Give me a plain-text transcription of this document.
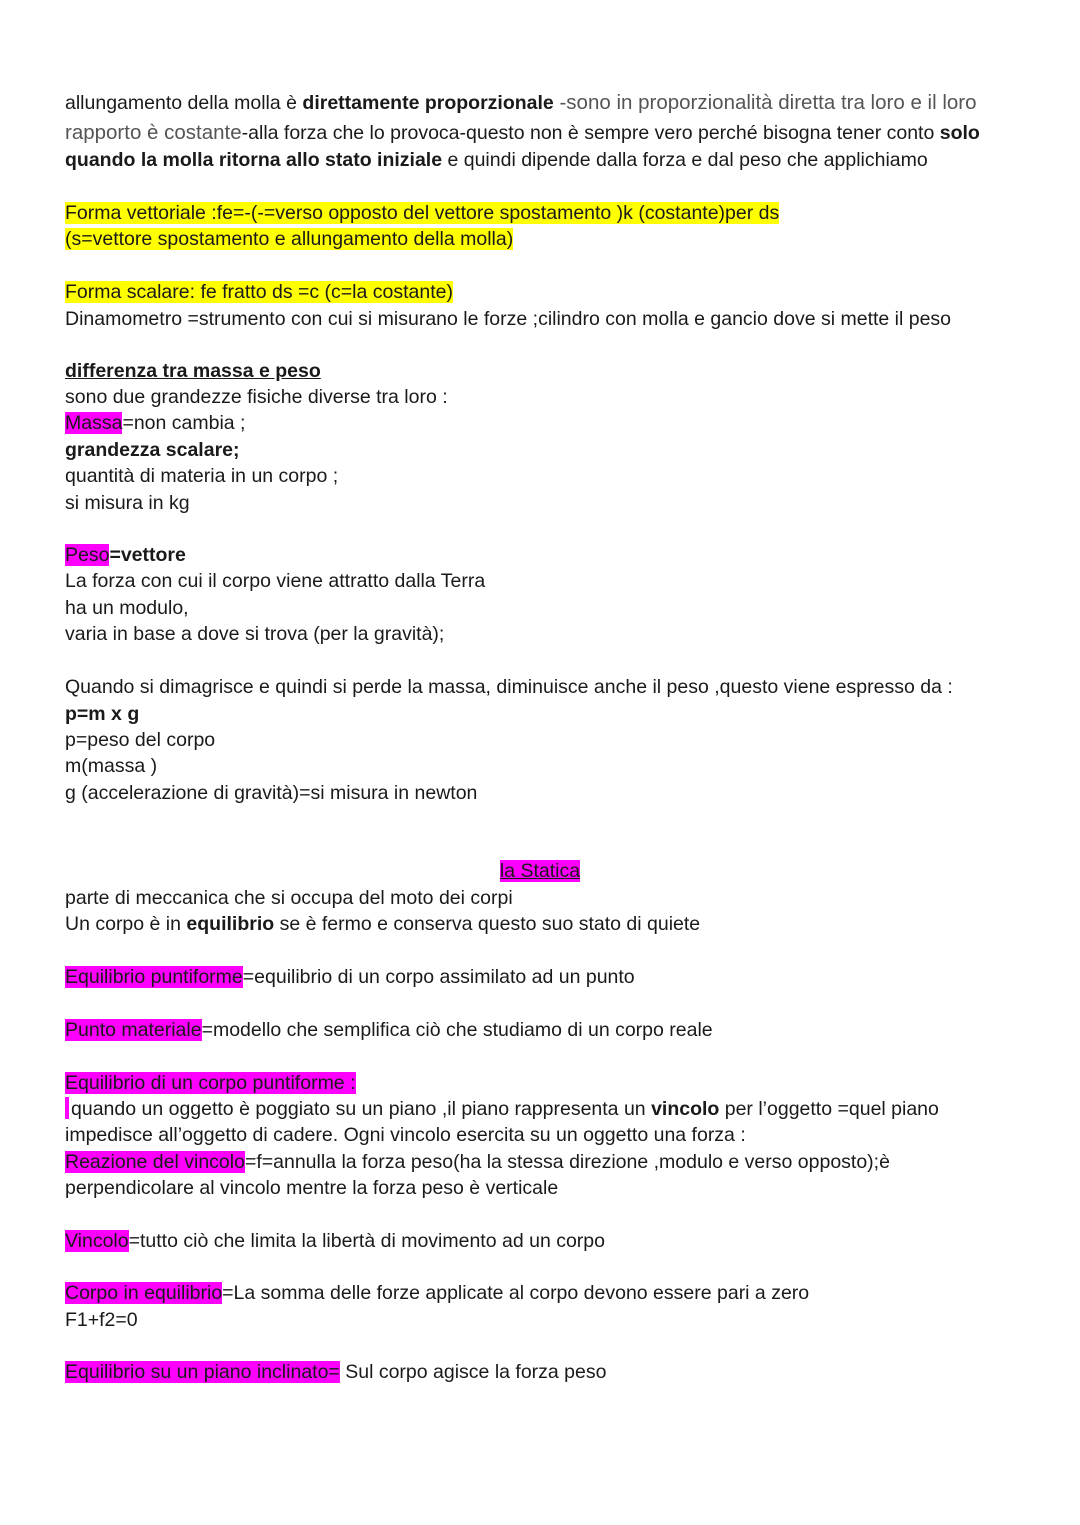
allungamento della molla è direttamente proporzionale -sono in proporzionalità diretta tra loro e il loro
rapporto è costante-alla forza che lo provoca-questo non è sempre vero perché bisogna tener conto solo
quando la molla ritorna allo stato iniziale e quindi dipende dalla forza e dal peso che applichiamo
Forma vettoriale :fe=-(-=verso opposto del vettore spostamento )k (costante)per ds
(s=vettore spostamento e allungamento della molla)
Forma scalare: fe fratto ds =c (c=la costante)
Dinamometro =strumento con cui si misurano le forze ;cilindro con molla e gancio dove si mette il peso
differenza tra massa e peso
sono due grandezze fisiche diverse tra loro :
Massa=non cambia ;
grandezza scalare;
quantità di materia in un corpo ;
si misura in kg
Peso=vettore
La forza con cui il corpo viene attratto dalla Terra
ha un modulo,
varia in base a dove si trova (per la gravità);
Quando si dimagrisce e quindi si perde la massa, diminuisce anche il peso ,questo viene espresso da :
p=m x g
p=peso del corpo
m(massa )
g (accelerazione di gravità)=si misura in newton
la Statica
parte di meccanica che si occupa del moto dei corpi
Un corpo è in equilibrio se è fermo e conserva questo suo stato di quiete
Equilibrio puntiforme=equilibrio di un corpo assimilato ad un punto
Punto materiale=modello che semplifica ciò che studiamo di un corpo reale
Equilibrio di un corpo puntiforme :
quando un oggetto è poggiato su un piano ,il piano rappresenta un vincolo per l’oggetto =quel piano
impedisce all’oggetto di cadere. Ogni vincolo esercita su un oggetto una forza :
Reazione del vincolo=f=annulla la forza peso(ha la stessa direzione ,modulo e verso opposto);è
perpendicolare al vincolo mentre la forza peso è verticale
Vincolo=tutto ciò che limita la libertà di movimento ad un corpo
Corpo in equilibrio=La somma delle forze applicate al corpo devono essere pari a zero
F1+f2=0
Equilibrio su un piano inclinato= Sul corpo agisce la forza peso
